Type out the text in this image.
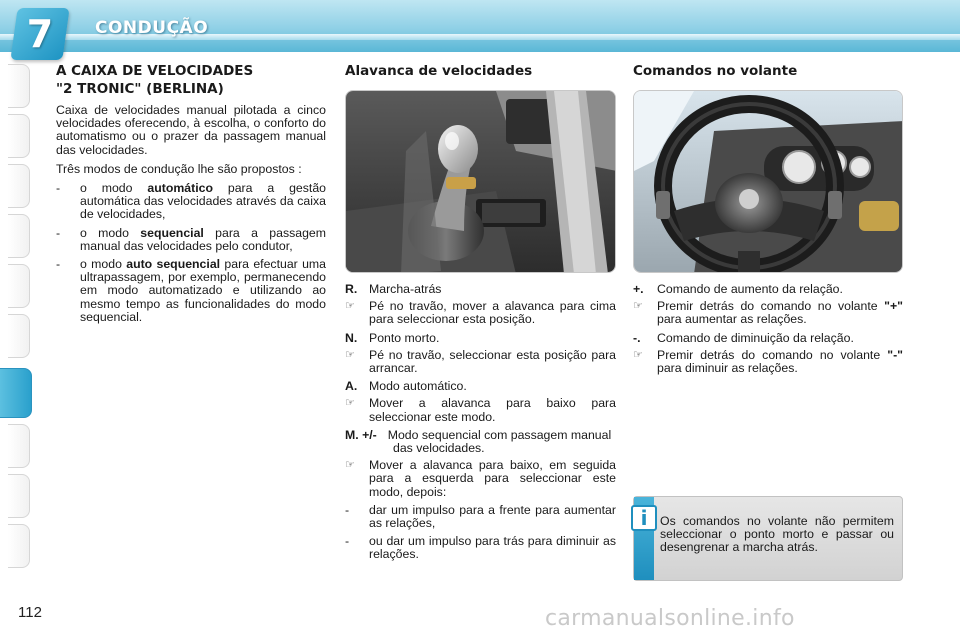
7	CONDUÇÃO
A CAIXA DE VELOCIDADES
"2 TRONIC" (BERLINA)

Caixa de velocidades manual pilotada a cinco velocidades oferecendo, à escolha, o conforto do automatismo ou o prazer da passagem manual das velocidades.

Três modos de condução lhe são propostos :

-	o modo automático para a gestão automática das velocidades através da caixa de velocidades,
-	o modo sequencial para a passagem manual das velocidades pelo condutor,
-	o modo auto sequencial para efectuar uma ultrapassagem, por exemplo, permanecendo em modo automatizado e utilizando ao mesmo tempo as funcionalidades do modo sequencial.
Alavanca de velocidades
R. Marcha-atrás
☞	Pé no travão, mover a alavanca para cima para seleccionar esta posição.
N. Ponto morto.
☞	Pé no travão, seleccionar esta posição para arrancar.
A. Modo automático.
☞	Mover a alavanca para baixo para seleccionar este modo.
M. +/- Modo sequencial com passagem manual das velocidades.
☞	Mover a alavanca para baixo, em seguida para a esquerda para seleccionar este modo, depois:
-	dar um impulso para a frente para aumentar as relações,
-	ou dar um impulso para trás para diminuir as relações.
Comandos no volante
+. Comando de aumento da relação.
☞	Premir detrás do comando no volante "+" para aumentar as relações.
-. Comando de diminuição da relação.
☞	Premir detrás do comando no volante "-" para diminuir as relações.
i	Os comandos no volante não permitem seleccionar o ponto morto e passar ou desengrenar a marcha atrás.
112	carmanualsonline.info
